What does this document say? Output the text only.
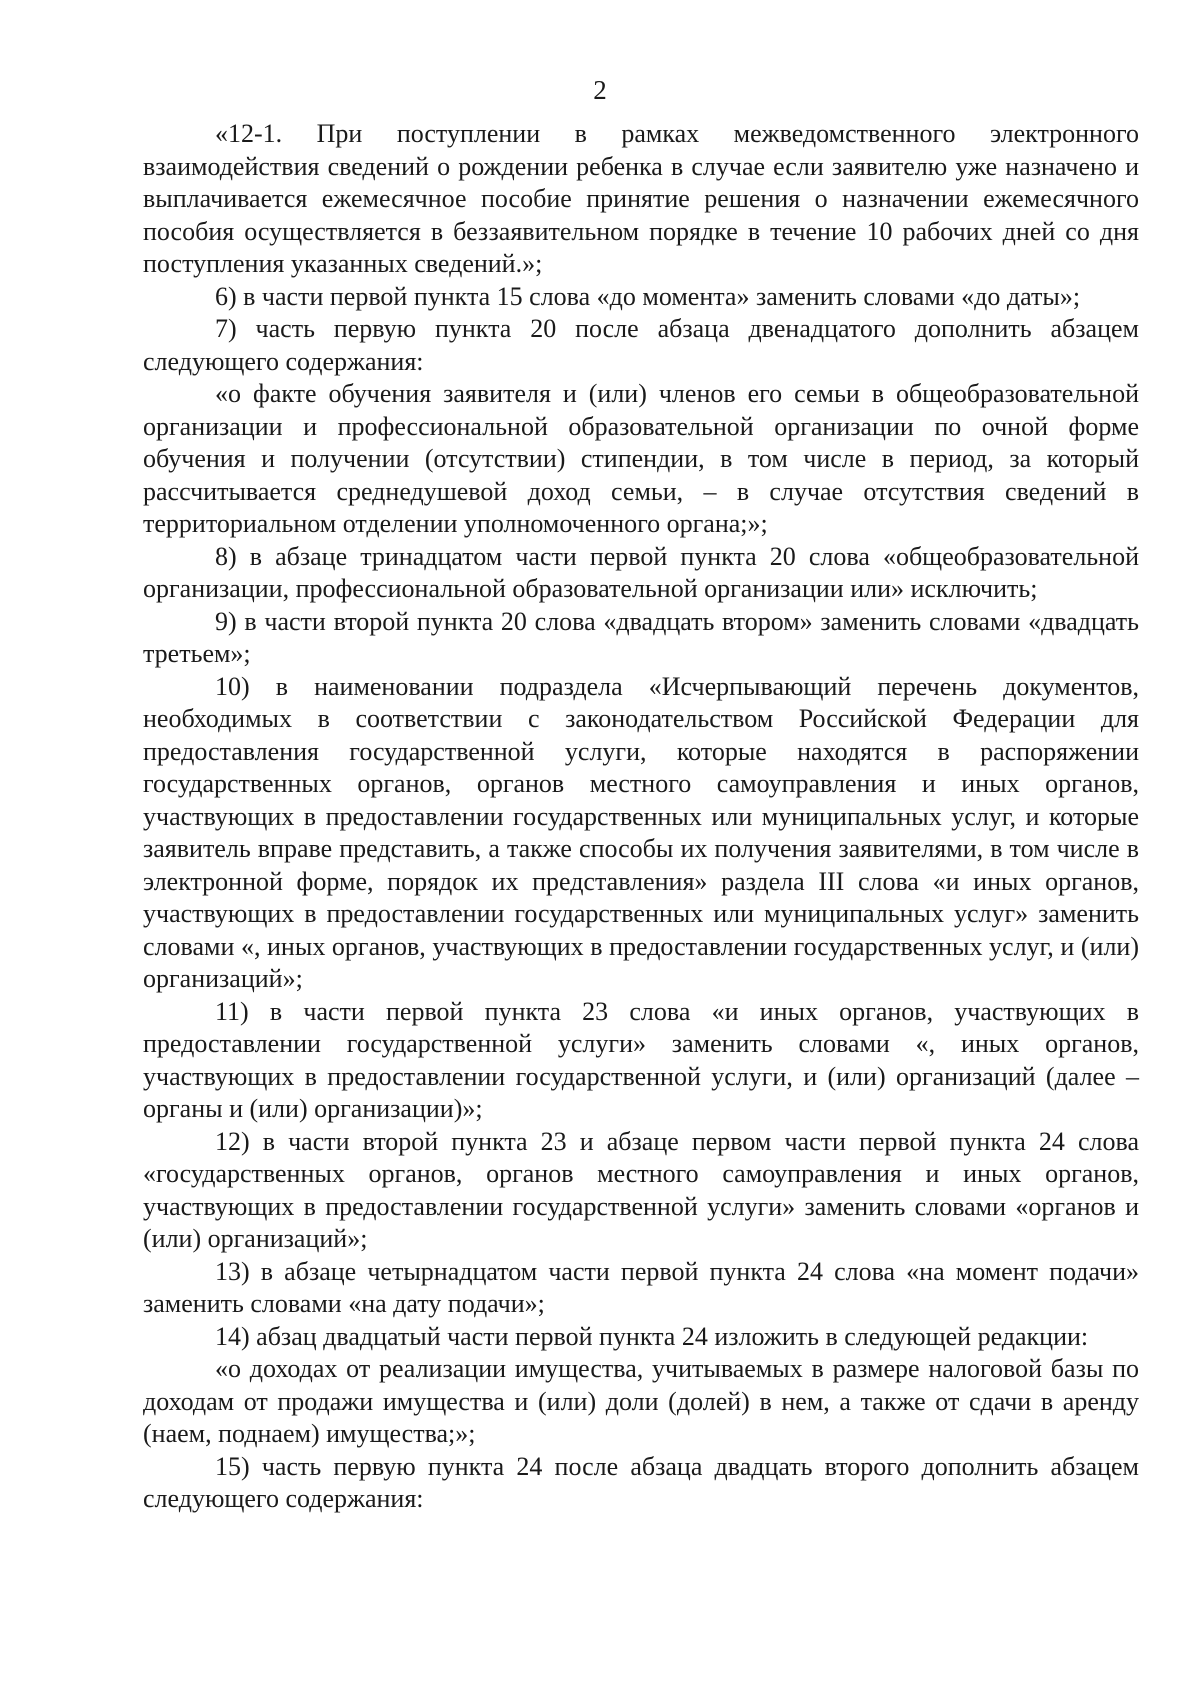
2

«12-1. При поступлении в рамках межведомственного электронного взаимодействия сведений о рождении ребенка в случае если заявителю уже назначено и выплачивается ежемесячное пособие принятие решения о назначении ежемесячного пособия осуществляется в беззаявительном порядке в течение 10 рабочих дней со дня поступления указанных сведений.»;

6) в части первой пункта 15 слова «до момента» заменить словами «до даты»;

7) часть первую пункта 20 после абзаца двенадцатого дополнить абзацем следующего содержания:

«о факте обучения заявителя и (или) членов его семьи в общеобразовательной организации и профессиональной образовательной организации по очной форме обучения и получении (отсутствии) стипендии, в том числе в период, за который рассчитывается среднедушевой доход семьи, – в случае отсутствия сведений в территориальном отделении уполномоченного органа;»;

8) в абзаце тринадцатом части первой пункта 20 слова «общеобразовательной организации, профессиональной образовательной организации или» исключить;

9) в части второй пункта 20 слова «двадцать втором» заменить словами «двадцать третьем»;

10) в наименовании подраздела «Исчерпывающий перечень документов, необходимых в соответствии с законодательством Российской Федерации для предоставления государственной услуги, которые находятся в распоряжении государственных органов, органов местного самоуправления и иных органов, участвующих в предоставлении государственных или муниципальных услуг, и которые заявитель вправе представить, а также способы их получения заявителями, в том числе в электронной форме, порядок их представления» раздела III слова «и иных органов, участвующих в предоставлении государственных или муниципальных услуг» заменить словами «, иных органов, участвующих в предоставлении государственных услуг, и (или) организаций»;

11) в части первой пункта 23 слова «и иных органов, участвующих в предоставлении государственной услуги» заменить словами «, иных органов, участвующих в предоставлении государственной услуги, и (или) организаций (далее – органы и (или) организации)»;

12) в части второй пункта 23 и абзаце первом части первой пункта 24 слова «государственных органов, органов местного самоуправления и иных органов, участвующих в предоставлении государственной услуги» заменить словами «органов и (или) организаций»;

13) в абзаце четырнадцатом части первой пункта 24 слова «на момент подачи» заменить словами «на дату подачи»;

14) абзац двадцатый части первой пункта 24 изложить в следующей редакции:

«о доходах от реализации имущества, учитываемых в размере налоговой базы по доходам от продажи имущества и (или) доли (долей) в нем, а также от сдачи в аренду (наем, поднаем) имущества;»;

15) часть первую пункта 24 после абзаца двадцать второго дополнить абзацем следующего содержания:
